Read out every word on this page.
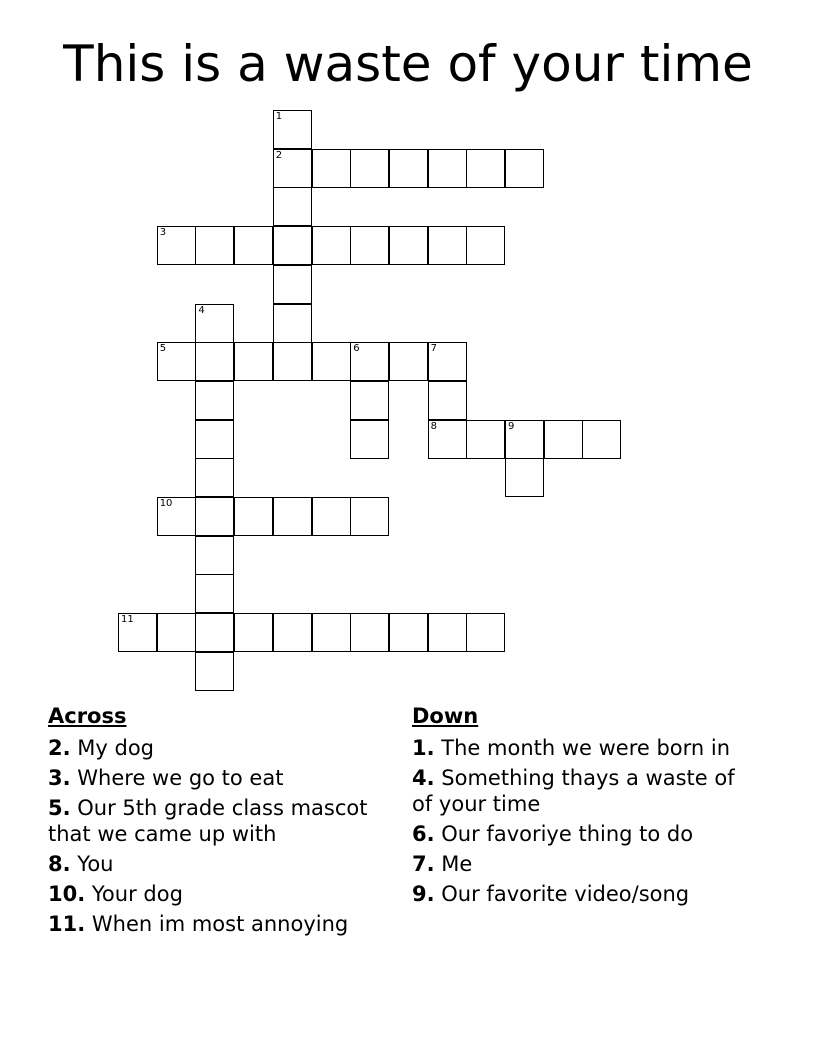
This is a waste of your time
1
2
3
4
5	6	7
8	9
10
11
Across
2. My dog
3. Where we go to eat
5. Our 5th grade class mascot that we came up with
8. You
10. Your dog
11. When im most annoying
Down
1. The month we were born in
4. Something thays a waste of of your time
6. Our favoriye thing to do
7. Me
9. Our favorite video/song
